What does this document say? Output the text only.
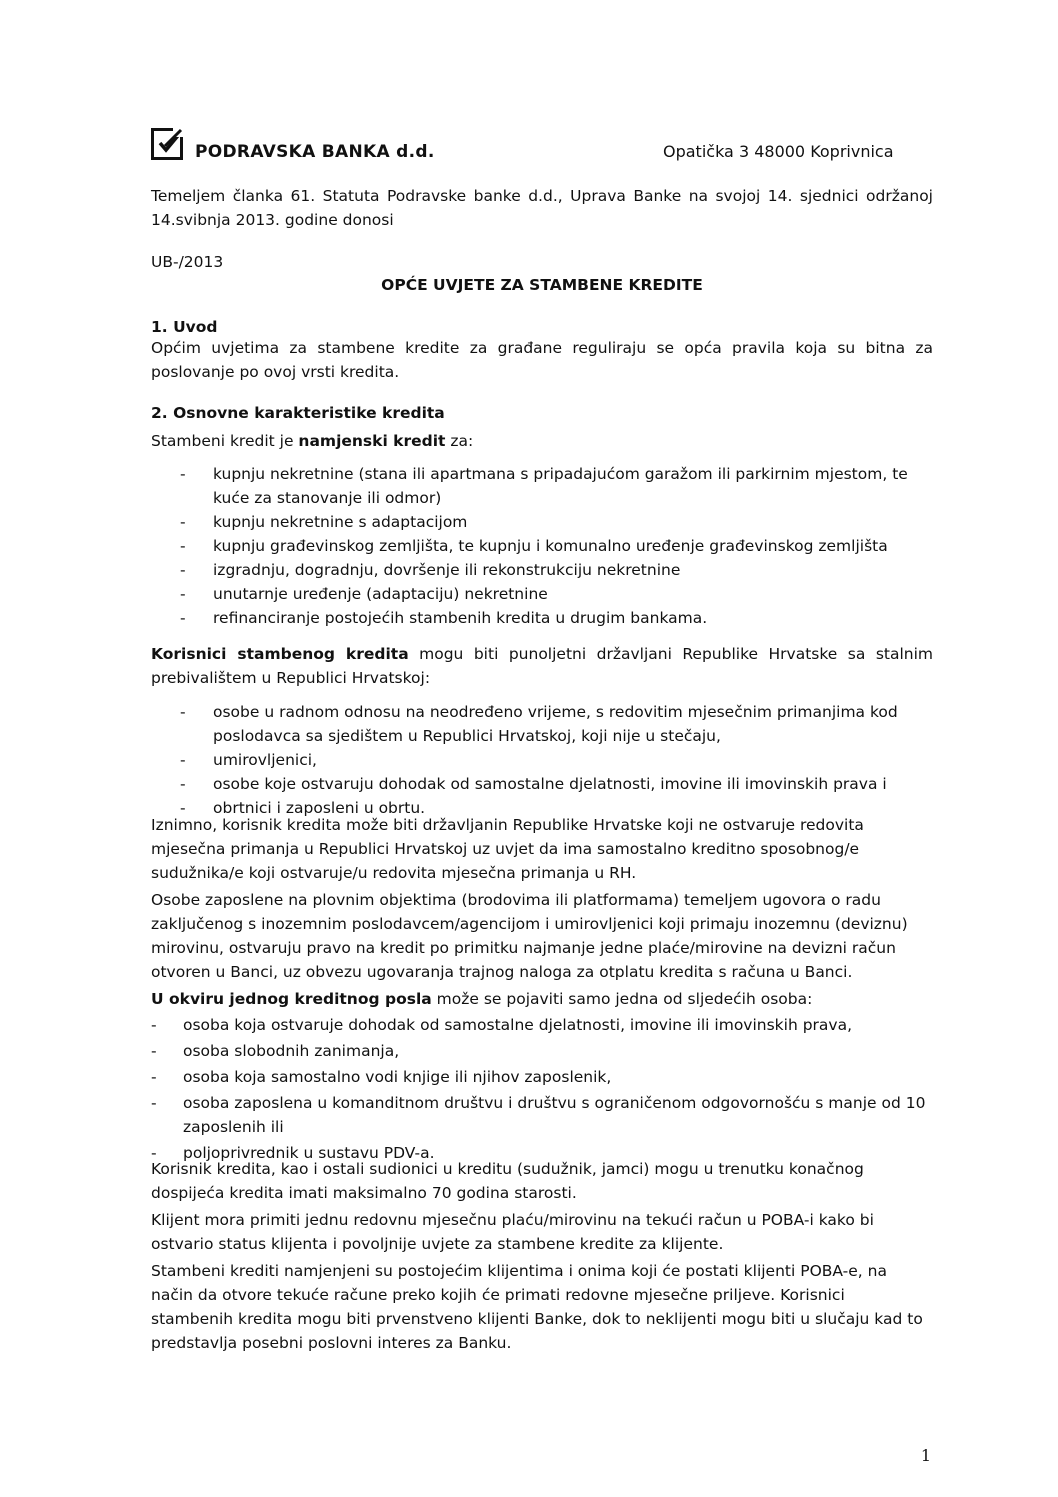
PODRAVSKA BANKA d.d.	Opatička 3 48000 Koprivnica

Temeljem članka 61. Statuta Podravske banke d.d., Uprava Banke na svojoj 14. sjednici održanoj 14.svibnja 2013. godine donosi

UB-/2013

OPĆE UVJETE ZA STAMBENE KREDITE

1. Uvod

Općim uvjetima za stambene kredite za građane reguliraju se opća pravila koja su bitna za poslovanje po ovoj vrsti kredita.

2. Osnovne karakteristike kredita

Stambeni kredit je namjenski kredit za:

- kupnju nekretnine (stana ili apartmana s pripadajućom garažom ili parkirnim mjestom, te kuće za stanovanje ili odmor)
- kupnju nekretnine s adaptacijom
- kupnju građevinskog zemljišta, te kupnju i komunalno uređenje građevinskog zemljišta
- izgradnju, dogradnju, dovršenje ili rekonstrukciju nekretnine
- unutarnje uređenje (adaptaciju) nekretnine
- refinanciranje postojećih stambenih kredita u drugim bankama.

Korisnici stambenog kredita mogu biti punoljetni državljani Republike Hrvatske sa stalnim prebivalištem u Republici Hrvatskoj:

- osobe u radnom odnosu na neodređeno vrijeme, s redovitim mjesečnim primanjima kod poslodavca sa sjedištem u Republici Hrvatskoj, koji nije u stečaju,
- umirovljenici,
- osobe koje ostvaruju dohodak od samostalne djelatnosti, imovine ili imovinskih prava i
- obrtnici i zaposleni u obrtu.

Iznimno, korisnik kredita može biti državljanin Republike Hrvatske koji ne ostvaruje redovita mjesečna primanja u Republici Hrvatskoj uz uvjet da ima samostalno kreditno sposobnog/e sudužnika/e koji ostvaruje/u redovita mjesečna primanja u RH.

Osobe zaposlene na plovnim objektima (brodovima ili platformama) temeljem ugovora o radu zaključenog s inozemnim poslodavcem/agencijom i umirovljenici koji primaju inozemnu (deviznu) mirovinu, ostvaruju pravo na kredit po primitku najmanje jedne plaće/mirovine na devizni račun otvoren u Banci, uz obvezu ugovaranja trajnog naloga za otplatu kredita s računa u Banci.

U okviru jednog kreditnog posla može se pojaviti samo jedna od sljedećih osoba:

- osoba koja ostvaruje dohodak od samostalne djelatnosti, imovine ili imovinskih prava,
- osoba slobodnih zanimanja,
- osoba koja samostalno vodi knjige ili njihov zaposlenik,
- osoba zaposlena u komanditnom društvu i društvu s ograničenom odgovornošću s manje od 10 zaposlenih ili
- poljoprivrednik u sustavu PDV-a.

Korisnik kredita, kao i ostali sudionici u kreditu (sudužnik, jamci) mogu u trenutku konačnog dospijeća kredita imati maksimalno 70 godina starosti.

Klijent mora primiti jednu redovnu mjesečnu plaću/mirovinu na tekući račun u POBA-i kako bi ostvario status klijenta i povoljnije uvjete za stambene kredite za klijente.

Stambeni krediti namjenjeni su postojećim klijentima i onima koji će postati klijenti POBA-e, na način da otvore tekuće račune preko kojih će primati redovne mjesečne priljeve. Korisnici stambenih kredita mogu biti prvenstveno klijenti Banke, dok to neklijenti mogu biti u slučaju kad to predstavlja posebni poslovni interes za Banku.

1
